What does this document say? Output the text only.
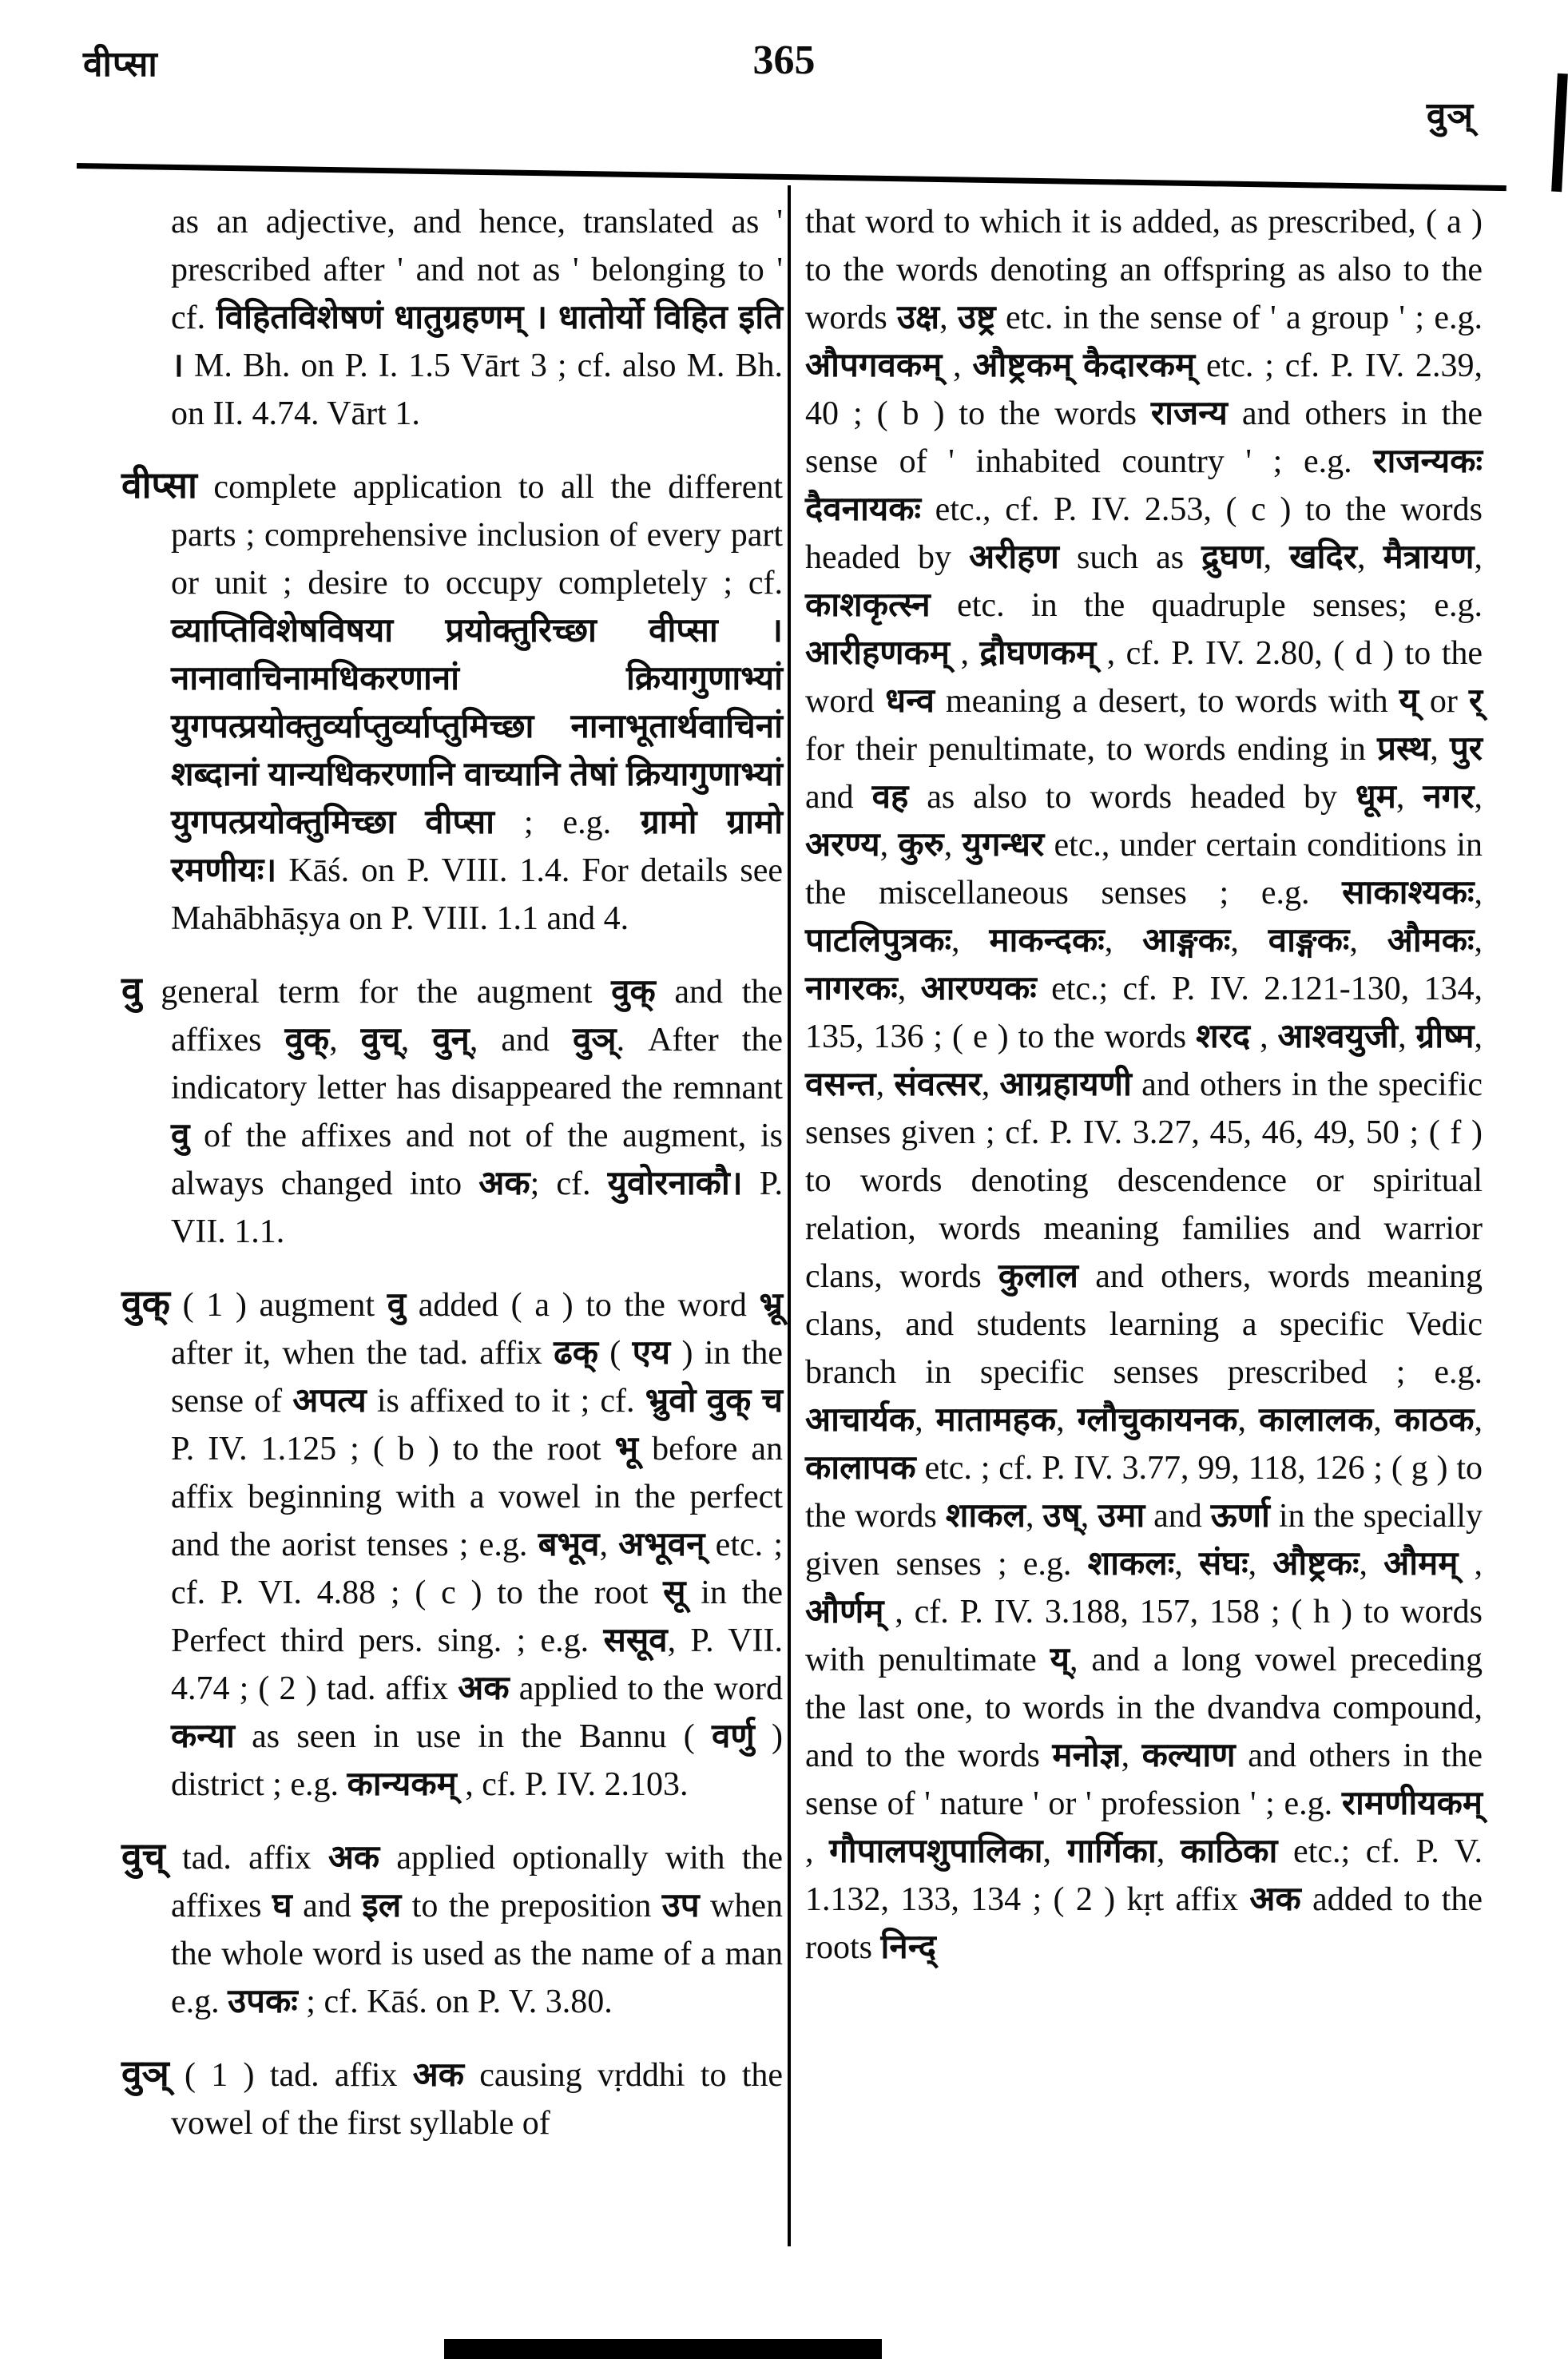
वीप्सा	365
वुञ्
as an adjective, and hence, translated as ' prescribed after ' and not as ' belonging to ' cf. विहितविशेषणं धातुग्रहणम् । धातोर्यो विहित इति । M. Bh. on P. I. 1.5 Vārt 3 ; cf. also M. Bh. on II. 4.74. Vārt 1.
वीप्सा complete application to all the different parts ; comprehensive inclusion of every part or unit ; desire to occupy completely ; cf. व्याप्तिविशेषविषया प्रयोक्तुरिच्छा वीप्सा । नानावाचिनामधिकरणानां	क्रियागुणाभ्यां युगपत्प्रयोक्तुर्व्याप्तुर्व्याप्तुमिच्छा नानाभूतार्थवाचिनां शब्दानां यान्यधिकरणानि वाच्यानि तेषां क्रियागुणाभ्यां युगपत्प्रयोक्तुमिच्छा वीप्सा ; e.g. ग्रामो ग्रामो रमणीयः। Kāś. on P. VIII. 1.4. For details see Mahābhāṣya on P. VIII. 1.1 and 4.
वु general term for the augment वुक् and the affixes वुक्, वुच्, वुन्, and वुञ्. After the indicatory letter has disappeared the remnant वु of the affixes and not of the augment, is always changed into अक; cf. युवोरनाकौ। P. VII. 1.1.
वुक् ( 1 ) augment वु added ( a ) to the word भ्रू after it, when the tad. affix ढक् ( एय ) in the sense of अपत्य is affixed to it ; cf. भ्रुवो वुक् च P. IV. 1.125 ; ( b ) to the root भू before an affix beginning with a vowel in the perfect and the aorist tenses ; e.g. बभूव, अभूवन् etc. ; cf. P. VI. 4.88 ; ( c ) to the root सू in the Perfect third pers. sing. ; e.g. ससूव, P. VII. 4.74 ; ( 2 ) tad. affix अक applied to the word कन्या as seen in use in the Bannu ( वर्णु ) district ; e.g. कान्यकम् , cf. P. IV. 2.103.
वुच् tad. affix अक applied optionally with the affixes घ and इल to the preposition उप when the whole word is used as the name of a man e.g. उपकः ; cf. Kāś. on P. V. 3.80.
वुञ् ( 1 ) tad. affix अक causing vṛddhi to the vowel of the first syllable of
that word to which it is added, as prescribed, ( a ) to the words denoting an offspring as also to the words उक्ष, उष्ट्र etc. in the sense of ' a group ' ; e.g. औपगवकम् , औष्ट्रकम् कैदारकम् etc. ; cf. P. IV. 2.39, 40 ; ( b ) to the words राजन्य and others in the sense of ' inhabited country ' ; e.g. राजन्यकः दैवनायकः etc., cf. P. IV. 2.53, ( c ) to the words headed by अरीहण such as द्रुघण, खदिर, मैत्रायण, काशकृत्स्न etc. in the quadruple senses; e.g. आरीहणकम् , द्रौघणकम् , cf. P. IV. 2.80, ( d ) to the word धन्व meaning a desert, to words with य् or र् for their penultimate, to words ending in प्रस्थ, पुर and वह as also to words headed by धूम, नगर, अरण्य, कुरु, युगन्धर etc., under certain conditions in the miscellaneous senses ; e.g. साकाश्यकः, पाटलिपुत्रकः, माकन्दकः, आङ्गकः, वाङ्गकः, औमकः, नागरकः, आरण्यकः etc.; cf. P. IV. 2.121-130, 134, 135, 136 ; ( e ) to the words शरद , आश्वयुजी, ग्रीष्म, वसन्त, संवत्सर, आग्रहायणी and others in the specific senses given ; cf. P. IV. 3.27, 45, 46, 49, 50 ; ( f ) to words denoting descendence or spiritual relation, words meaning families and warrior clans, words कुलाल and others, words meaning clans, and students learning a specific Vedic branch in specific senses prescribed ; e.g. आचार्यक, मातामहक, ग्लौचुकायनक, कालालक, काठक, कालापक etc. ; cf. P. IV. 3.77, 99, 118, 126 ; ( g ) to the words शाकल, उष्, उमा and ऊर्णा in the specially given senses ; e.g. शाकलः, संघः, औष्ट्रकः, औमम् , और्णम् , cf. P. IV. 3.188, 157, 158 ; ( h ) to words with penultimate य्, and a long vowel preceding the last one, to words in the dvandva compound, and to the words मनोज्ञ, कल्याण and others in the sense of ' nature ' or ' profession ' ; e.g. रामणीयकम् , गौपालपशुपालिका, गार्गिका, काठिका etc.; cf. P. V. 1.132, 133, 134 ; ( 2 ) kṛt affix अक added to the roots निन्द्
